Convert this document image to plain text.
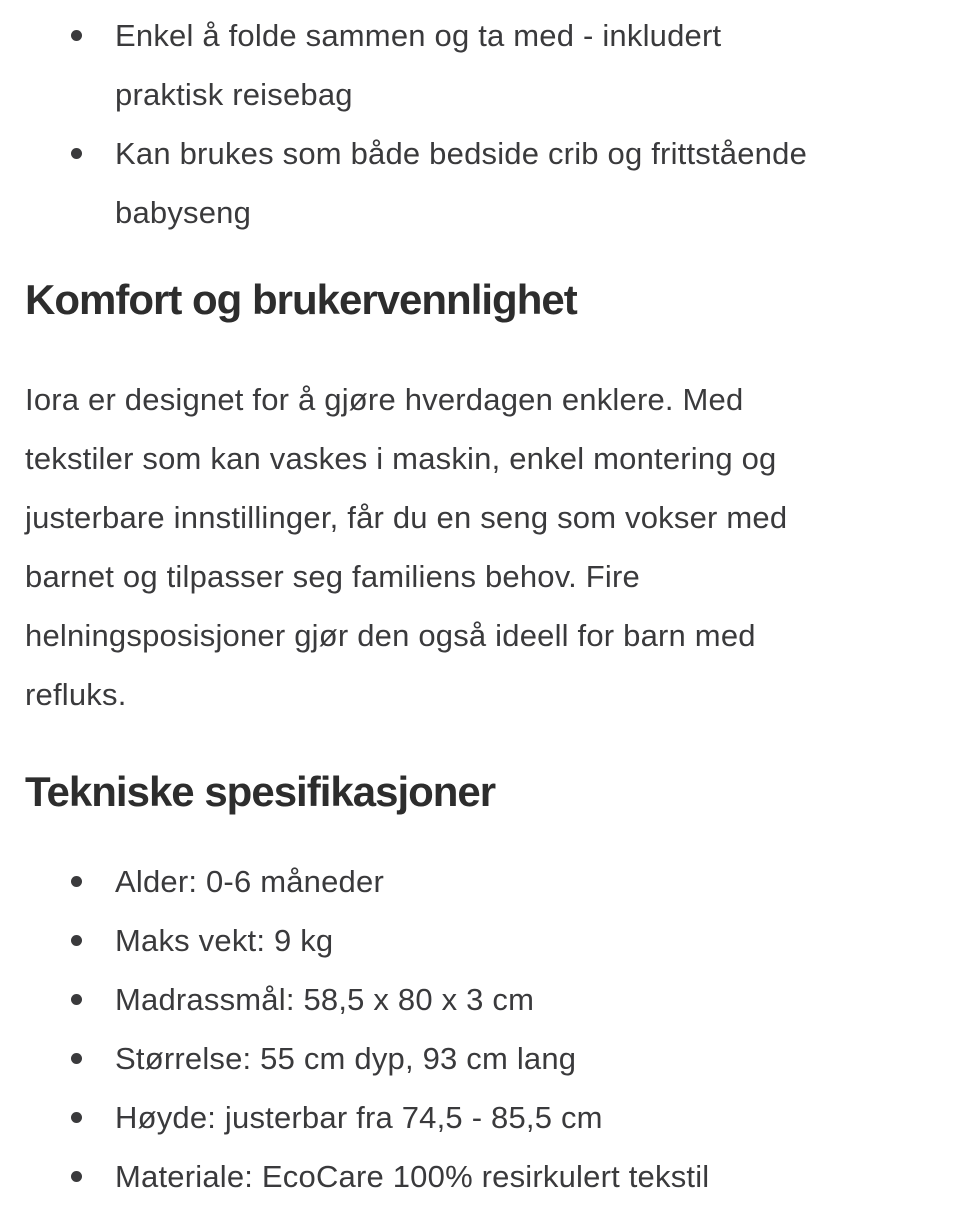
Enkel å folde sammen og ta med - inkludert praktisk reisebag
Kan brukes som både bedside crib og frittstående babyseng
Komfort og brukervennlighet

Iora er designet for å gjøre hverdagen enklere. Med tekstiler som kan vaskes i maskin, enkel montering og justerbare innstillinger, får du en seng som vokser med barnet og tilpasser seg familiens behov. Fire helningsposisjoner gjør den også ideell for barn med refluks.

Tekniske spesifikasjoner
Alder: 0-6 måneder
Maks vekt: 9 kg
Madrassmål: 58,5 x 80 x 3 cm
Størrelse: 55 cm dyp, 93 cm lang
Høyde: justerbar fra 74,5 - 85,5 cm
Materiale: EcoCare 100% resirkulert tekstil
